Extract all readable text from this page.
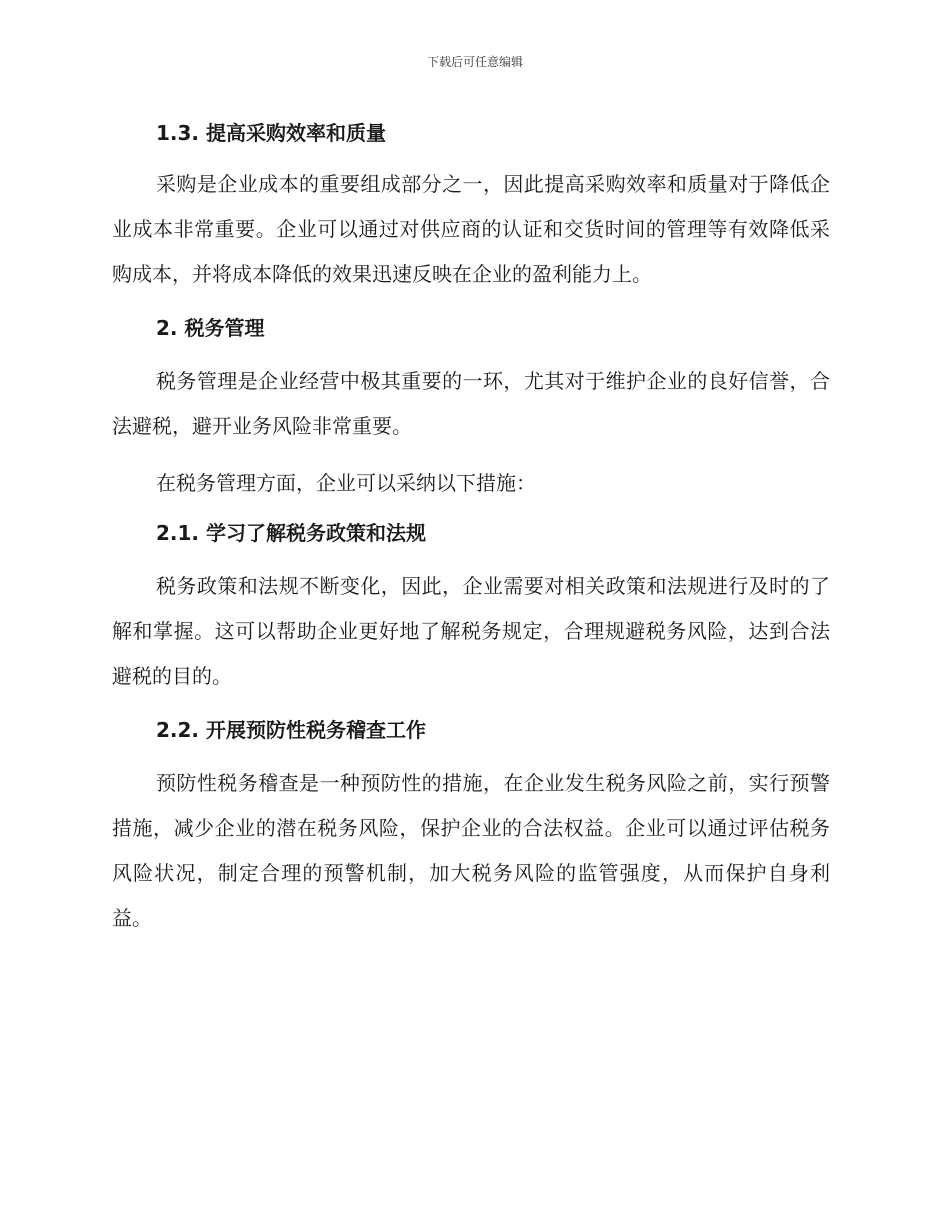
下载后可任意编辑
1.3. 提高采购效率和质量

采购是企业成本的重要组成部分之一，因此提高采购效率和质量对于降低企业成本非常重要。企业可以通过对供应商的认证和交货时间的管理等有效降低采购成本，并将成本降低的效果迅速反映在企业的盈利能力上。

2. 税务管理

税务管理是企业经营中极其重要的一环，尤其对于维护企业的良好信誉，合法避税，避开业务风险非常重要。

在税务管理方面，企业可以采纳以下措施：

2.1. 学习了解税务政策和法规

税务政策和法规不断变化，因此，企业需要对相关政策和法规进行及时的了解和掌握。这可以帮助企业更好地了解税务规定，合理规避税务风险，达到合法避税的目的。

2.2. 开展预防性税务稽查工作

预防性税务稽查是一种预防性的措施，在企业发生税务风险之前，实行预警措施，减少企业的潜在税务风险，保护企业的合法权益。企业可以通过评估税务风险状况，制定合理的预警机制，加大税务风险的监管强度，从而保护自身利益。
